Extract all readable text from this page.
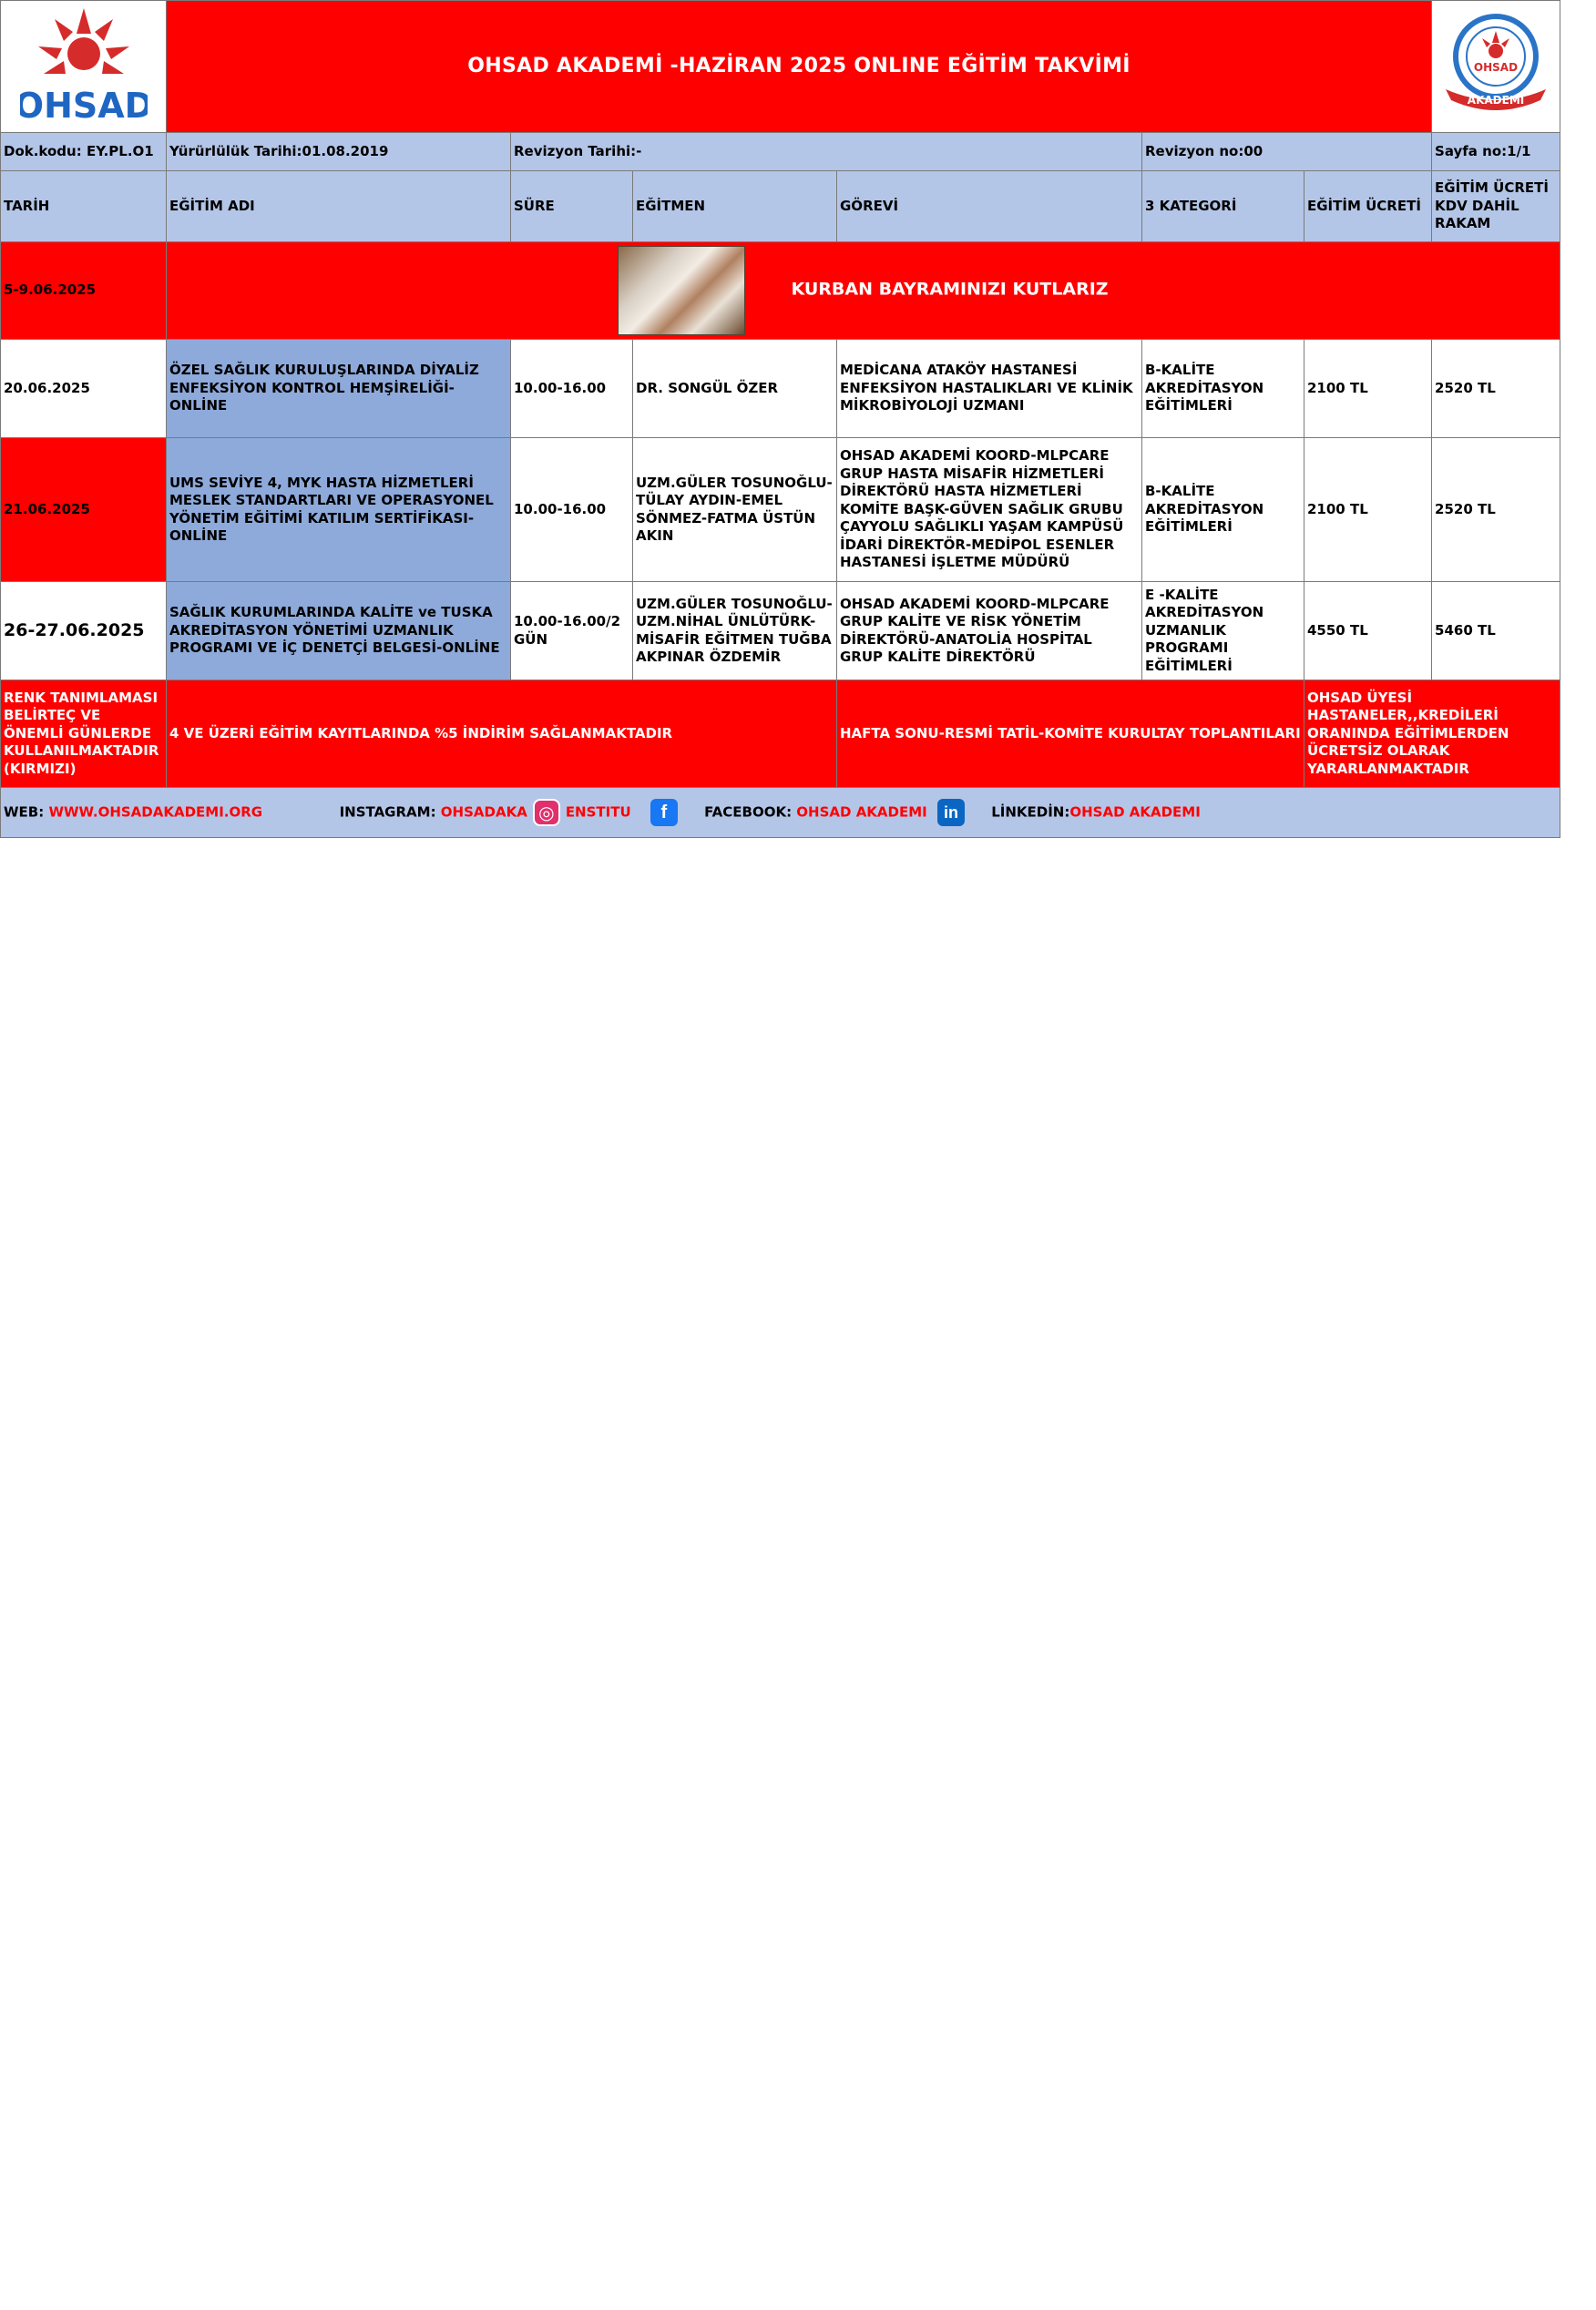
OHSAD	OHSAD AKADEMİ -HAZİRAN 2025 ONLINE EĞİTİM TAKVİMİ						OHSAD
AKADEMİ

Dok.kodu: EY.PL.O1	Yürürlülük Tarihi:01.08.2019	Revizyon Tarihi:-			Revizyon no:00		Sayfa no:1/1
TARİH	EĞİTİM ADI	SÜRE	EĞİTMEN	GÖREVİ	3 KATEGORİ	EĞİTİM ÜCRETİ	EĞİTİM ÜCRETİ KDV DAHİL RAKAM
5-9.06.2025	KURBAN BAYRAMINIZI KUTLARIZ						
20.06.2025	ÖZEL SAĞLIK KURULUŞLARINDA DİYALİZ ENFEKSİYON KONTROL HEMŞİRELİĞİ-ONLİNE	10.00-16.00	DR. SONGÜL ÖZER	MEDİCANA ATAKÖY HASTANESİ ENFEKSİYON HASTALIKLARI VE KLİNİK MİKROBİYOLOJİ UZMANI	B-KALİTE AKREDİTASYON EĞİTİMLERİ	2100 TL	2520 TL
21.06.2025	UMS SEVİYE 4, MYK HASTA HİZMETLERİ MESLEK STANDARTLARI VE OPERASYONEL YÖNETİM EĞİTİMİ KATILIM SERTİFİKASI-ONLİNE	10.00-16.00	UZM.GÜLER TOSUNOĞLU-TÜLAY AYDIN-EMEL SÖNMEZ-FATMA ÜSTÜN AKIN	OHSAD AKADEMİ KOORD-MLPCARE GRUP HASTA MİSAFİR HİZMETLERİ DİREKTÖRÜ HASTA HİZMETLERİ KOMİTE BAŞK-GÜVEN SAĞLIK GRUBU ÇAYYOLU SAĞLIKLI YAŞAM KAMPÜSÜ İDARİ DİREKTÖR-MEDİPOL ESENLER HASTANESİ İŞLETME MÜDÜRÜ	B-KALİTE AKREDİTASYON EĞİTİMLERİ	2100 TL	2520 TL
26-27.06.2025	SAĞLIK KURUMLARINDA KALİTE ve TUSKA AKREDİTASYON YÖNETİMİ UZMANLIK PROGRAMI VE İÇ DENETÇİ BELGESİ-ONLİNE	10.00-16.00/2 GÜN	UZM.GÜLER TOSUNOĞLU-UZM.NİHAL ÜNLÜTÜRK-MİSAFİR EĞİTMEN TUĞBA AKPINAR ÖZDEMİR	OHSAD AKADEMİ KOORD-MLPCARE GRUP KALİTE VE RİSK YÖNETİM DİREKTÖRÜ-ANATOLİA HOSPİTAL GRUP KALİTE DİREKTÖRÜ	E -KALİTE AKREDİTASYON UZMANLIK PROGRAMI EĞİTİMLERİ	4550 TL	5460 TL
RENK TANIMLAMASI BELİRTEÇ VE ÖNEMLİ GÜNLERDE KULLANILMAKTADIR (KIRMIZI)	4 VE ÜZERİ EĞİTİM KAYITLARINDA %5 İNDİRİM SAĞLANMAKTADIR			HAFTA SONU-RESMİ TATİL-KOMİTE KURULTAY TOPLANTILARI		OHSAD ÜYESİ HASTANELER,,KREDİLERİ ORANINDA EĞİTİMLERDEN ÜCRETSİZ OLARAK YARARLANMAKTADIR	
WEB: WWW.OHSADAKADEMI.ORG INSTAGRAM: OHSADAKA ◎ ENSTITU f FACEBOOK: OHSAD AKADEMI in LİNKEDİN:OHSAD AKADEMI							
